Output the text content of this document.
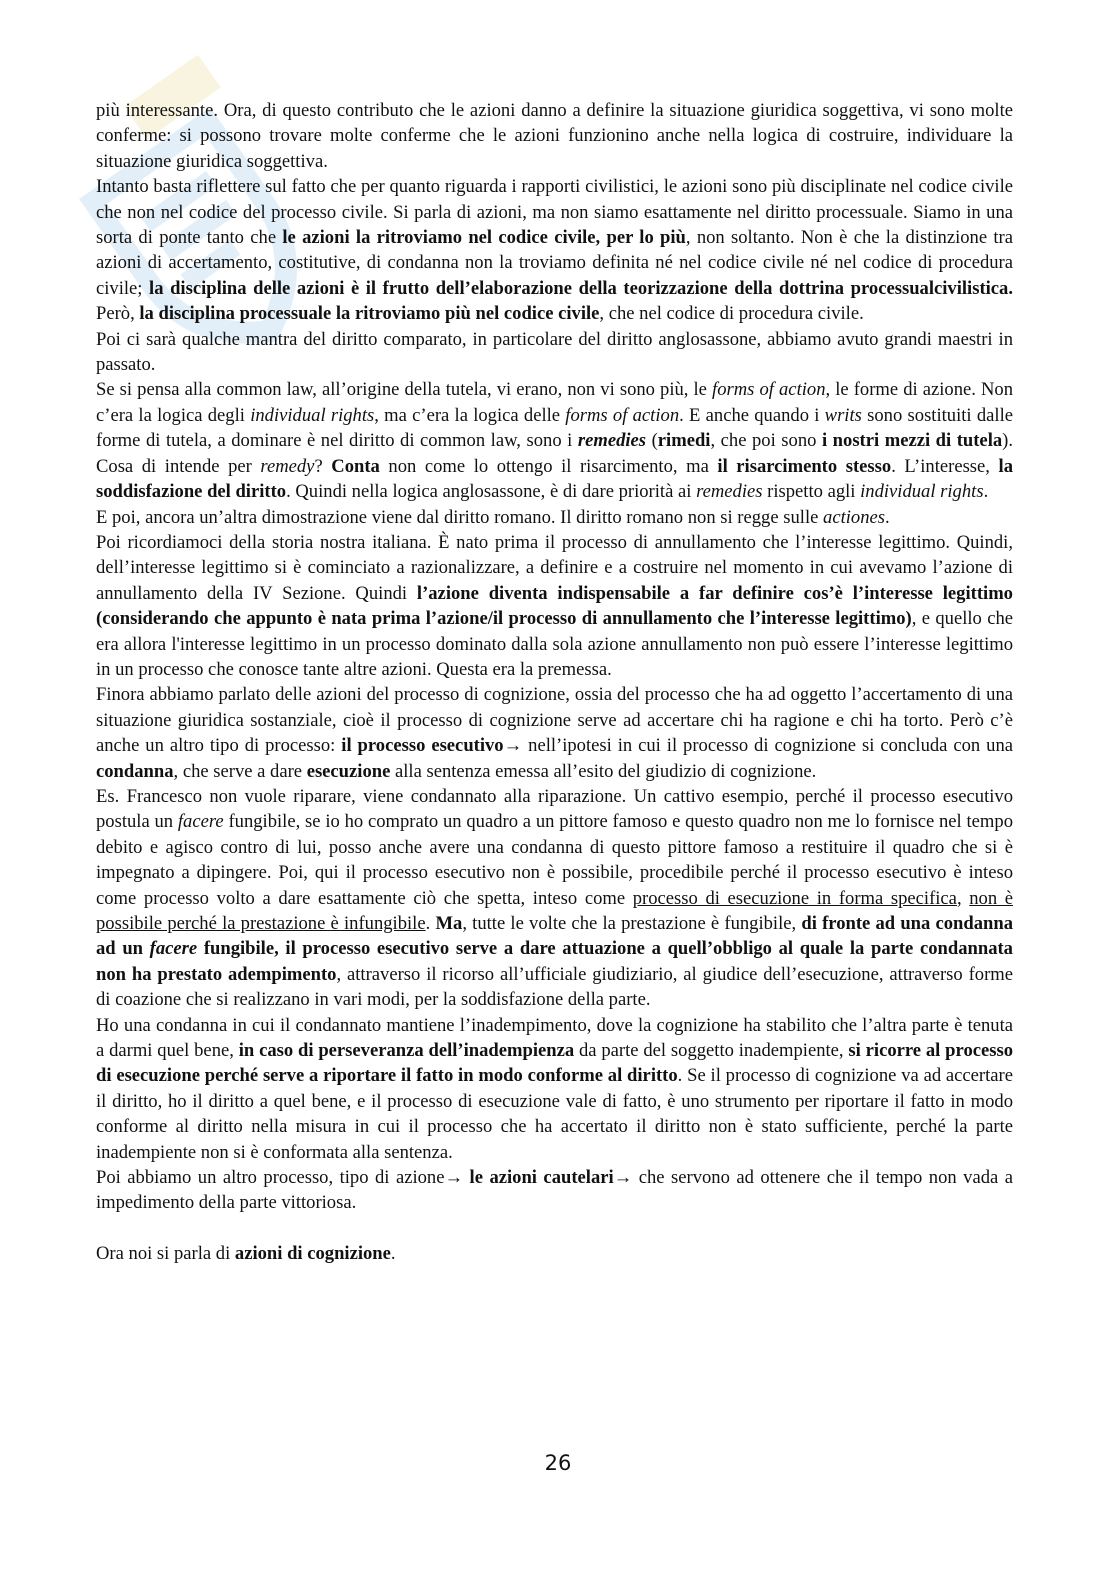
più interessante. Ora, di questo contributo che le azioni danno a definire la situazione giuridica soggettiva, vi sono molte conferme: si possono trovare molte conferme che le azioni funzionino anche nella logica di costruire, individuare la situazione giuridica soggettiva.

Intanto basta riflettere sul fatto che per quanto riguarda i rapporti civilistici, le azioni sono più disciplinate nel codice civile che non nel codice del processo civile. Si parla di azioni, ma non siamo esattamente nel diritto processuale. Siamo in una sorta di ponte tanto che le azioni la ritroviamo nel codice civile, per lo più, non soltanto. Non è che la distinzione tra azioni di accertamento, costitutive, di condanna non la troviamo definita né nel codice civile né nel codice di procedura civile; la disciplina delle azioni è il frutto dell’elaborazione della teorizzazione della dottrina processualcivilistica. Però, la disciplina processuale la ritroviamo più nel codice civile, che nel codice di procedura civile.

Poi ci sarà qualche mantra del diritto comparato, in particolare del diritto anglosassone, abbiamo avuto grandi maestri in passato.

Se si pensa alla common law, all’origine della tutela, vi erano, non vi sono più, le forms of action, le forme di azione. Non c’era la logica degli individual rights, ma c’era la logica delle forms of action. E anche quando i writs sono sostituiti dalle forme di tutela, a dominare è nel diritto di common law, sono i remedies (rimedi, che poi sono i nostri mezzi di tutela). Cosa di intende per remedy? Conta non come lo ottengo il risarcimento, ma il risarcimento stesso. L’interesse, la soddisfazione del diritto. Quindi nella logica anglosassone, è di dare priorità ai remedies rispetto agli individual rights.

E poi, ancora un’altra dimostrazione viene dal diritto romano. Il diritto romano non si regge sulle actiones.

Poi ricordiamoci della storia nostra italiana. È nato prima il processo di annullamento che l’interesse legittimo. Quindi, dell’interesse legittimo si è cominciato a razionalizzare, a definire e a costruire nel momento in cui avevamo l’azione di annullamento della IV Sezione. Quindi l’azione diventa indispensabile a far definire cos’è l’interesse legittimo (considerando che appunto è nata prima l’azione/il processo di annullamento che l’interesse legittimo), e quello che era allora l'interesse legittimo in un processo dominato dalla sola azione annullamento non può essere l’interesse legittimo in un processo che conosce tante altre azioni. Questa era la premessa.

Finora abbiamo parlato delle azioni del processo di cognizione, ossia del processo che ha ad oggetto l’accertamento di una situazione giuridica sostanziale, cioè il processo di cognizione serve ad accertare chi ha ragione e chi ha torto. Però c’è anche un altro tipo di processo: il processo esecutivo→ nell’ipotesi in cui il processo di cognizione si concluda con una condanna, che serve a dare esecuzione alla sentenza emessa all’esito del giudizio di cognizione.

Es. Francesco non vuole riparare, viene condannato alla riparazione. Un cattivo esempio, perché il processo esecutivo postula un facere fungibile, se io ho comprato un quadro a un pittore famoso e questo quadro non me lo fornisce nel tempo debito e agisco contro di lui, posso anche avere una condanna di questo pittore famoso a restituire il quadro che si è impegnato a dipingere. Poi, qui il processo esecutivo non è possibile, procedibile perché il processo esecutivo è inteso come processo volto a dare esattamente ciò che spetta, inteso come processo di esecuzione in forma specifica, non è possibile perché la prestazione è infungibile. Ma, tutte le volte che la prestazione è fungibile, di fronte ad una condanna ad un facere fungibile, il processo esecutivo serve a dare attuazione a quell’obbligo al quale la parte condannata non ha prestato adempimento, attraverso il ricorso all’ufficiale giudiziario, al giudice dell’esecuzione, attraverso forme di coazione che si realizzano in vari modi, per la soddisfazione della parte.

Ho una condanna in cui il condannato mantiene l’inadempimento, dove la cognizione ha stabilito che l’altra parte è tenuta a darmi quel bene, in caso di perseveranza dell’inadempienza da parte del soggetto inadempiente, si ricorre al processo di esecuzione perché serve a riportare il fatto in modo conforme al diritto. Se il processo di cognizione va ad accertare il diritto, ho il diritto a quel bene, e il processo di esecuzione vale di fatto, è uno strumento per riportare il fatto in modo conforme al diritto nella misura in cui il processo che ha accertato il diritto non è stato sufficiente, perché la parte inadempiente non si è conformata alla sentenza.

Poi abbiamo un altro processo, tipo di azione→ le azioni cautelari→ che servono ad ottenere che il tempo non vada a impedimento della parte vittoriosa.

Ora noi si parla di azioni di cognizione.

26
